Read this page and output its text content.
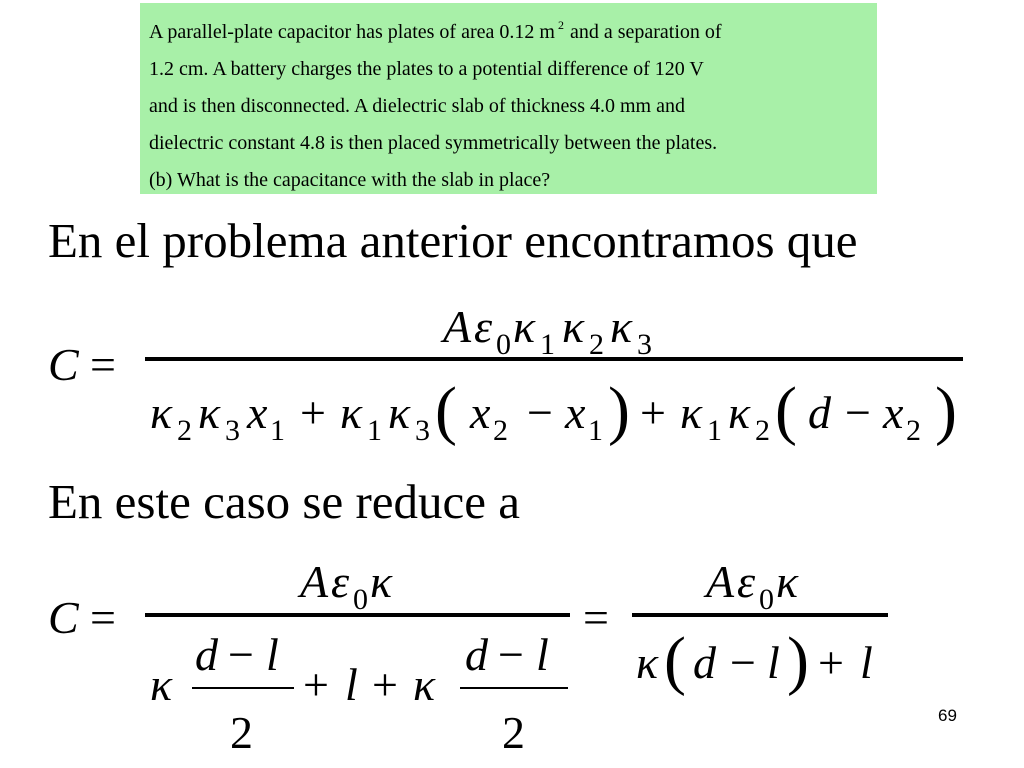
A parallel-plate capacitor has plates of area 0.12 m $^2$ and a separation of
1.2 cm. A battery charges the plates to a potential difference of 120 V
and is then disconnected. A dielectric slab of thickness 4.0 mm and
dielectric constant 4.8 is then placed symmetrically between the plates.
(b) What is the capacitance with the slab in place?
En el problema anterior encontramos que
En este caso se reduce a
C =
A ε 0 κ 1 κ 2 κ 3
κ 2 κ 3 x 1 + κ 1 κ 3 ( x 2 − x 1 ) + κ 1 κ 2 ( d − x 2 )
C =
A ε 0 κ
κ
d − l
2
+ l + κ
d − l
2
=
A ε 0 κ
κ ( d − l ) + l
69
